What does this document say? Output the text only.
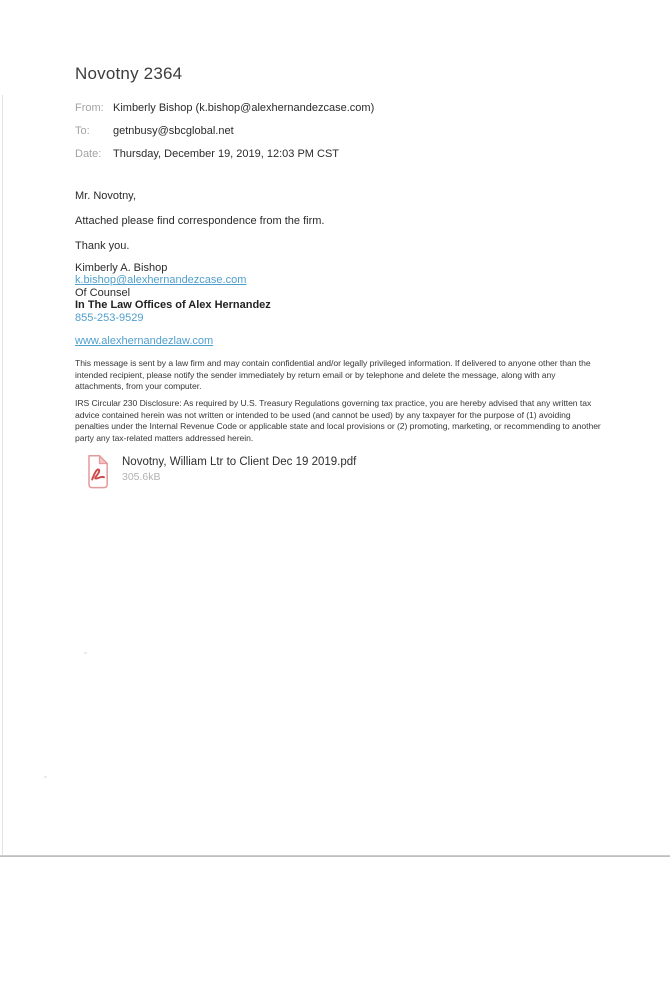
Novotny 2364
From: Kimberly Bishop (k.bishop@alexhernandezcase.com)
To:	getnbusy@sbcglobal.net
Date:	Thursday, December 19, 2019, 12:03 PM CST

Mr. Novotny,

Attached please find correspondence from the firm.

Thank you.

Kimberly A. Bishop
k.bishop@alexhernandezcase.com
Of Counsel
In The Law Offices of Alex Hernandez
855-253-9529
www.alexhernandezlaw.com

This message is sent by a law firm and may contain confidential and/or legally privileged information. If delivered to anyone other than the intended recipient, please notify the sender immediately by return email or by telephone and delete the message, along with any attachments, from your computer.

IRS Circular 230 Disclosure: As required by U.S. Treasury Regulations governing tax practice, you are hereby advised that any written tax advice contained herein was not written or intended to be used (and cannot be used) by any taxpayer for the purpose of (1) avoiding penalties under the Internal Revenue Code or applicable state and local provisions or (2) promoting, marketing, or recommending to another party any tax-related matters addressed herein.

Novotny, William Ltr to Client Dec 19 2019.pdf
305.6kB
